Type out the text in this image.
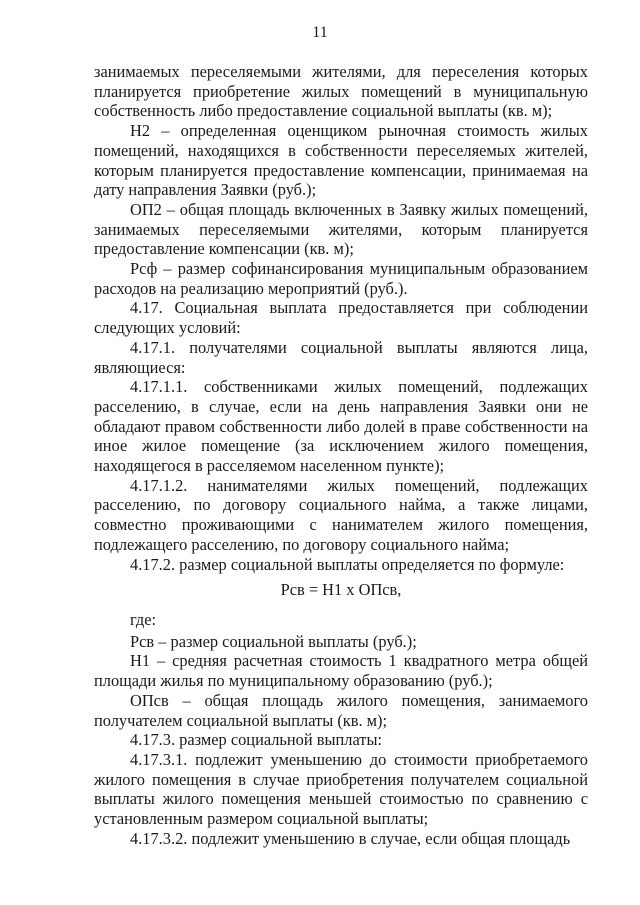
11

занимаемых переселяемыми жителями, для переселения которых планируется приобретение жилых помещений в муниципальную собственность либо предоставление социальной выплаты (кв. м);

Н2 – определенная оценщиком рыночная стоимость жилых помещений, находящихся в собственности переселяемых жителей, которым планируется предоставление компенсации, принимаемая на дату направления Заявки (руб.);

ОП2 – общая площадь включенных в Заявку жилых помещений, занимаемых переселяемыми жителями, которым планируется предоставление компенсации (кв. м);

Рсф – размер софинансирования муниципальным образованием расходов на реализацию мероприятий (руб.).

4.17. Социальная выплата предоставляется при соблюдении следующих условий:

4.17.1. получателями социальной выплаты являются лица, являющиеся:

4.17.1.1. собственниками жилых помещений, подлежащих расселению, в случае, если на день направления Заявки они не обладают правом собственности либо долей в праве собственности на иное жилое помещение (за исключением жилого помещения, находящегося в расселяемом населенном пункте);

4.17.1.2. нанимателями жилых помещений, подлежащих расселению, по договору социального найма, а также лицами, совместно проживающими с нанимателем жилого помещения, подлежащего расселению, по договору социального найма;

4.17.2. размер социальной выплаты определяется по формуле:

Рсв = Н1 х ОПсв,

где:

Рсв – размер социальной выплаты (руб.);

Н1 – средняя расчетная стоимость 1 квадратного метра общей площади жилья по муниципальному образованию (руб.);

ОПсв – общая площадь жилого помещения, занимаемого получателем социальной выплаты (кв. м);

4.17.3. размер социальной выплаты:

4.17.3.1. подлежит уменьшению до стоимости приобретаемого жилого помещения в случае приобретения получателем социальной выплаты жилого помещения меньшей стоимостью по сравнению с установленным размером социальной выплаты;

4.17.3.2. подлежит уменьшению в случае, если общая площадь
